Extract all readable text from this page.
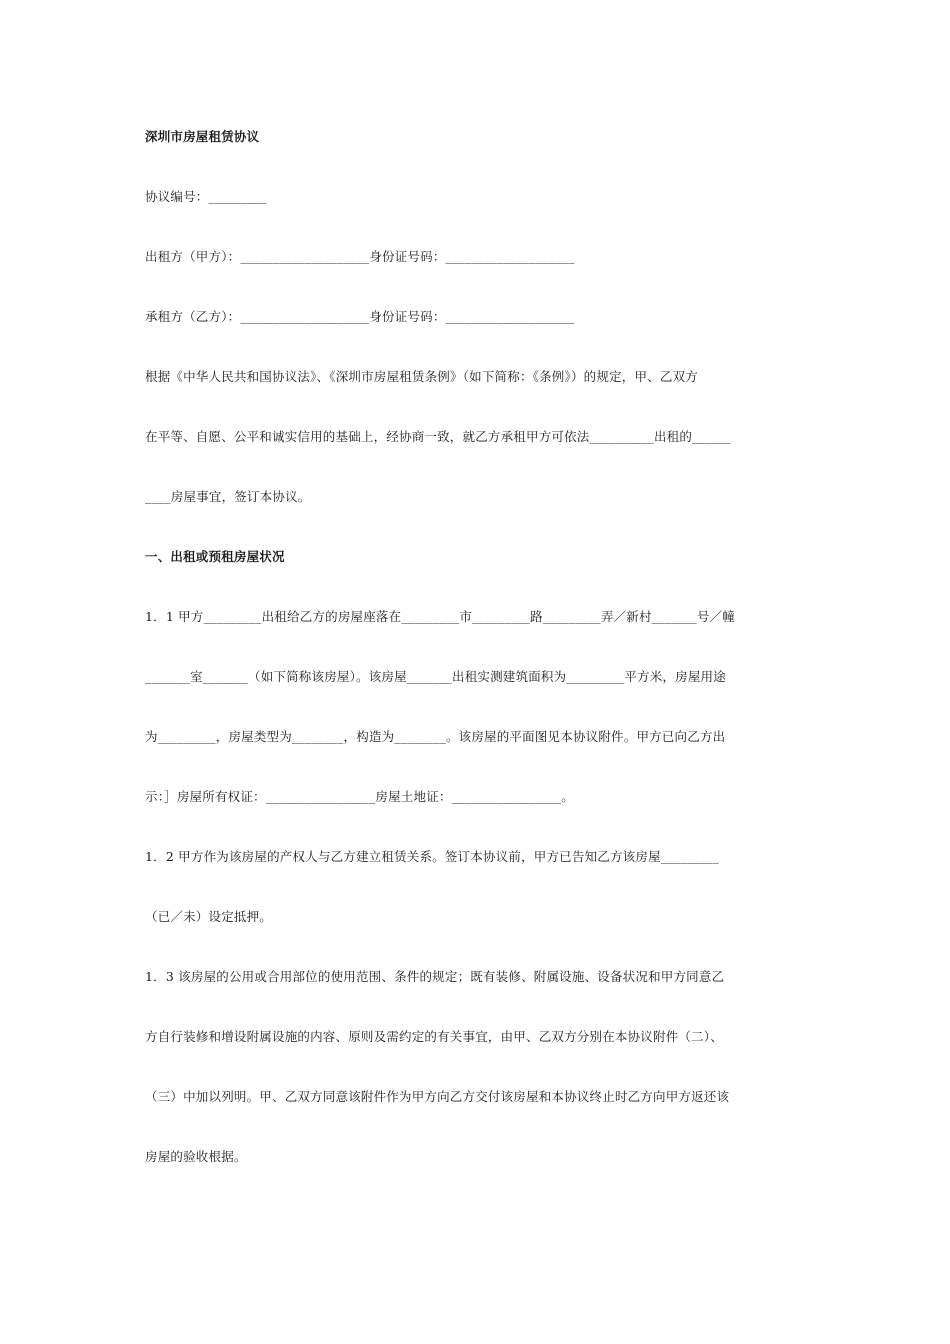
深圳市房屋租赁协议
协议编号：_________
出租方（甲方）：____________________身份证号码：____________________
承租方（乙方）：____________________身份证号码：____________________
根据《中华人民共和国协议法》、《深圳市房屋租赁条例》（如下简称：《条例》）的规定，甲、乙双方
在平等、自愿、公平和诚实信用的基础上，经协商一致，就乙方承租甲方可依法__________出租的______
____房屋事宜，签订本协议。
一、出租或预租房屋状况
1．1 甲方_________出租给乙方的房屋座落在_________市_________路_________弄／新村_______号／幢
_______室_______（如下简称该房屋）。该房屋_______出租实测建筑面积为_________平方米，房屋用途
为_________，房屋类型为________，构造为________。该房屋的平面图见本协议附件。甲方已向乙方出
示：］房屋所有权证：_________________房屋土地证：_________________。
1．2 甲方作为该房屋的产权人与乙方建立租赁关系。签订本协议前，甲方已告知乙方该房屋_________
（已／未）设定抵押。
1．3 该房屋的公用或合用部位的使用范围、条件的规定；既有装修、附属设施、设备状况和甲方同意乙
方自行装修和增设附属设施的内容、原则及需约定的有关事宜，由甲、乙双方分别在本协议附件（二）、
（三）中加以列明。甲、乙双方同意该附件作为甲方向乙方交付该房屋和本协议终止时乙方向甲方返还该
房屋的验收根据。
